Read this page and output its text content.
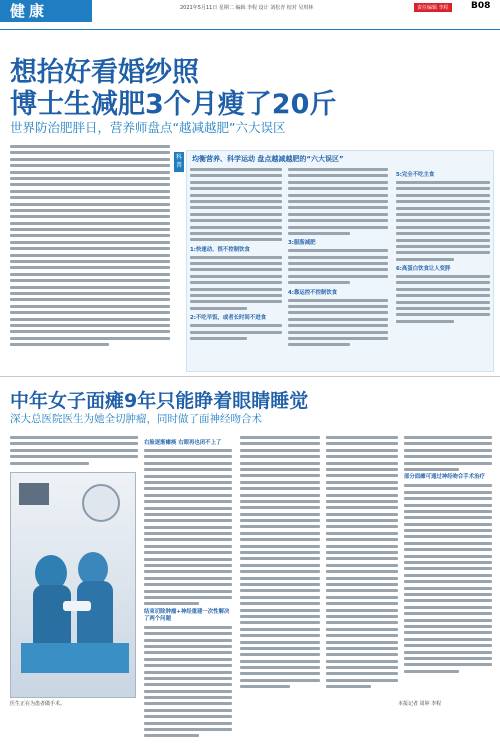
健康	2021年5月11日 星期二 编辑 李程 设计 刘松青 校对 吴琪林	责任编辑 李程	B08
想抬好看婚纱照
博士生减肥3个月瘦了20斤
世界防治肥胖日，营养师盘点“越减越肥”六大误区
科普
均衡营养、科学运动 盘点越减越肥的“六大误区”
1:快速动、很不控制饮食
2:不吃早饭，或者长时间不进食
3:服脂减肥
4:靠运控不控制饮食
5:完全不吃主食
6:高蛋白饮食让人变胖
中年女子面瘫9年只能睁着眼睛睡觉
深大总医院医生为她全切肿瘤，同时做了面神经吻合术
医生正在为患者做手术。
右脸逐渐瘫痪 右眼再也闭不上了
结束切除肿瘤+神经重建一次性解决了两个问题
部分面瘫可通过神经吻合手术治疗
本报记者 周婷 李程
